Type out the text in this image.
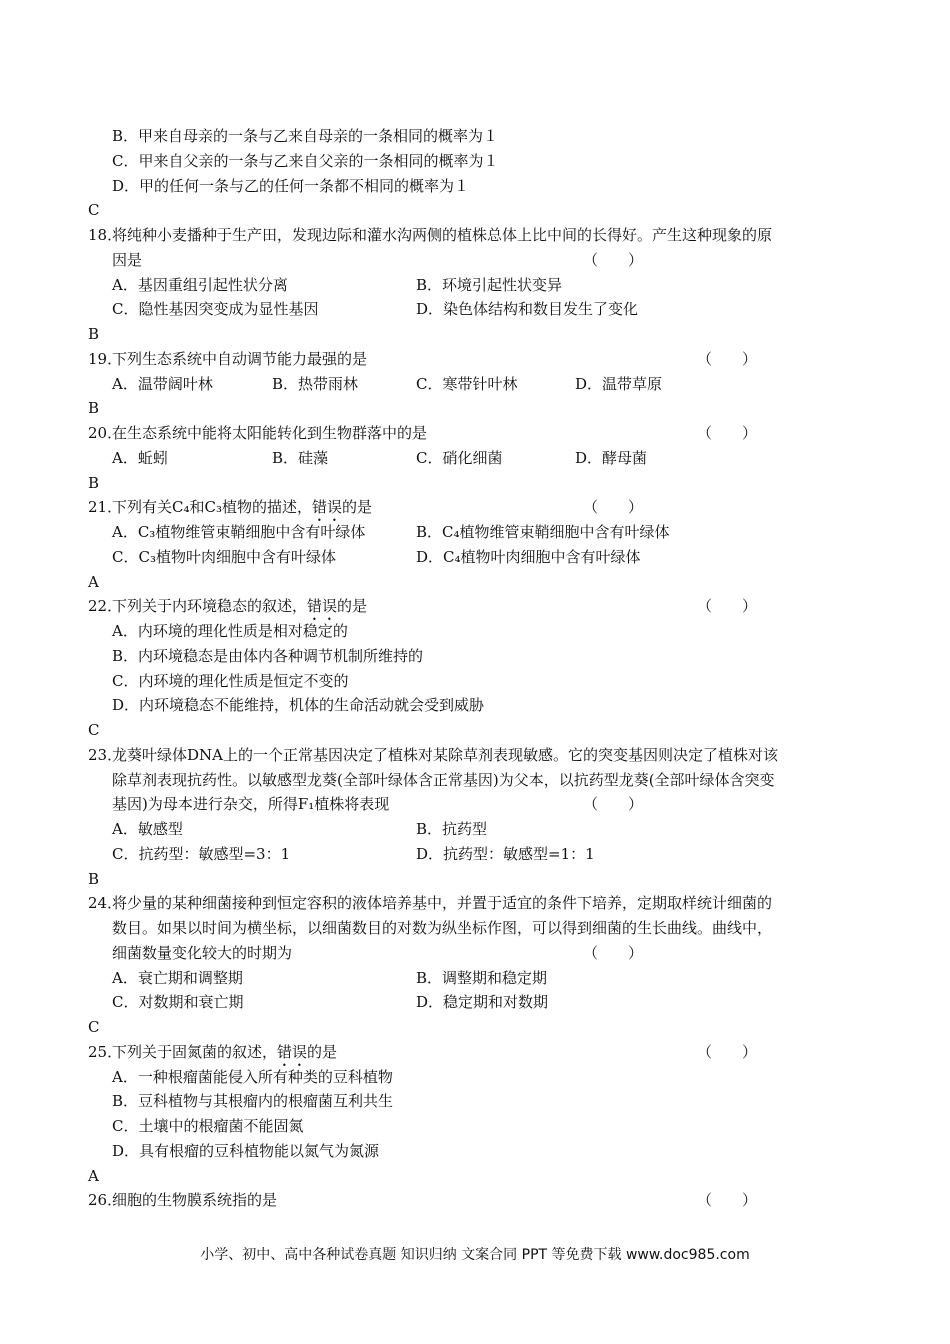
B．甲来自母亲的一条与乙来自母亲的一条相同的概率为１
C．甲来自父亲的一条与乙来自父亲的一条相同的概率为１
D．甲的任何一条与乙的任何一条都不相同的概率为１
C
18．
将纯种小麦播种于生产田，发现边际和灌水沟两侧的植株总体上比中间的长得好。产生这种现象的原
因是	（　　）
A．基因重组引起性状分离	B．环境引起性状变异
C．隐性基因突变成为显性基因	D．染色体结构和数目发生了变化
B
19．
下列生态系统中自动调节能力最强的是	（　　）
A．温带阔叶林	B．热带雨林	C．寒带针叶林	D．温带草原
B
20．
在生态系统中能将太阳能转化到生物群落中的是	（　　）
A．蚯蚓	B．硅藻	C．硝化细菌	D．酵母菌
B
21．
下列有关C₄和C₃植物的描述，错误的是	（　　）
A．C₃植物维管束鞘细胞中含有叶绿体	B．C₄植物维管束鞘细胞中含有叶绿体
C．C₃植物叶肉细胞中含有叶绿体	D．C₄植物叶肉细胞中含有叶绿体
A
22．
下列关于内环境稳态的叙述，错误的是	（　　）
A．内环境的理化性质是相对稳定的
B．内环境稳态是由体内各种调节机制所维持的
C．内环境的理化性质是恒定不变的
D．内环境稳态不能维持，机体的生命活动就会受到威胁
C
23．
龙葵叶绿体DNA上的一个正常基因决定了植株对某除草剂表现敏感。它的突变基因则决定了植株对该
除草剂表现抗药性。以敏感型龙葵(全部叶绿体含正常基因)为父本，以抗药型龙葵(全部叶绿体含突变
基因)为母本进行杂交，所得F₁植株将表现	（　　）
A．敏感型	B．抗药型
C．抗药型：敏感型=3：1	D．抗药型：敏感型=1：1
B
24．
将少量的某种细菌接种到恒定容积的液体培养基中，并置于适宜的条件下培养，定期取样统计细菌的
数目。如果以时间为横坐标，以细菌数目的对数为纵坐标作图，可以得到细菌的生长曲线。曲线中，
细菌数量变化较大的时期为	（　　）
A．衰亡期和调整期	B．调整期和稳定期
C．对数期和衰亡期	D．稳定期和对数期
C
25．
下列关于固氮菌的叙述，错误的是	（　　）
A．一种根瘤菌能侵入所有种类的豆科植物
B．豆科植物与其根瘤内的根瘤菌互利共生
C．土壤中的根瘤菌不能固氮
D．具有根瘤的豆科植物能以氮气为氮源
A
26．
细胞的生物膜系统指的是	（　　）
小学、初中、高中各种试卷真题 知识归纳 文案合同 PPT 等免费下载 www.doc985.com
